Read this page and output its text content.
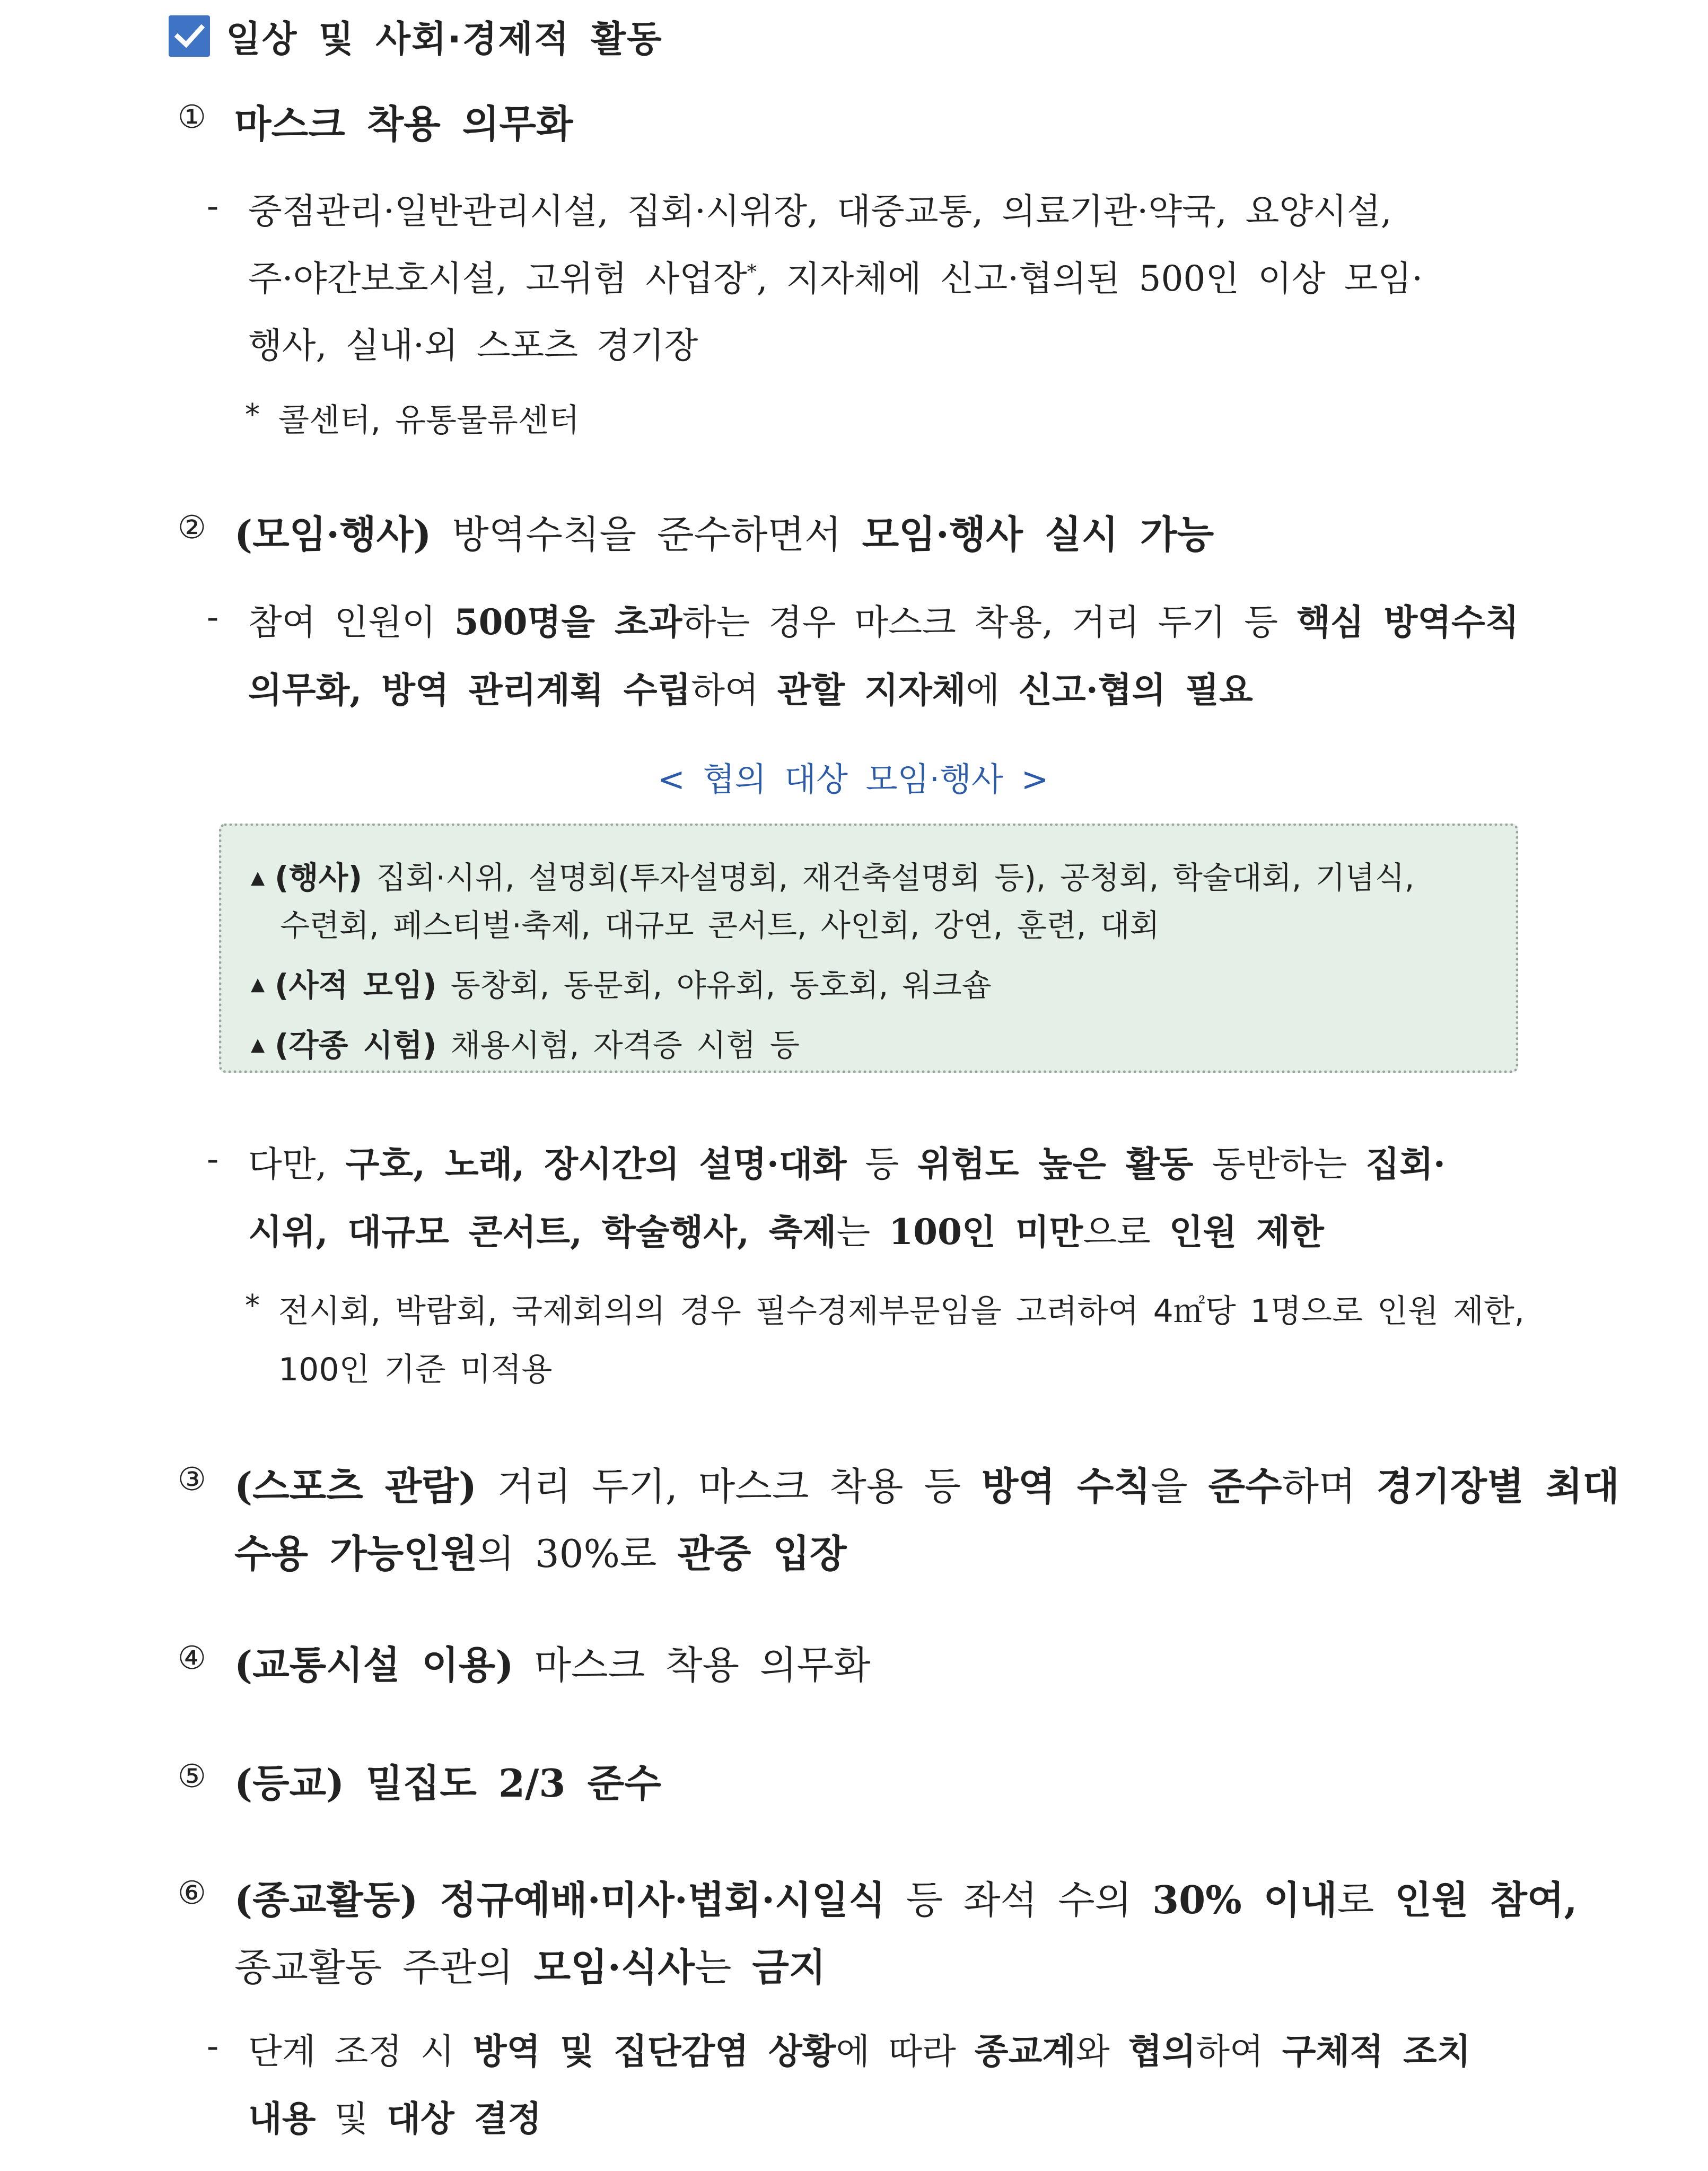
일상 및 사회·경제적 활동
① 마스크 착용 의무화
- 중점관리·일반관리시설, 집회·시위장, 대중교통, 의료기관·약국, 요양시설,
주·야간보호시설, 고위험 사업장*, 지자체에 신고·협의된 500인 이상 모임·
행사, 실내·외 스포츠 경기장
* 콜센터, 유통물류센터
② (모임·행사) 방역수칙을 준수하면서 모임·행사 실시 가능
- 참여 인원이 500명을 초과하는 경우 마스크 착용, 거리 두기 등 핵심 방역수칙
의무화, 방역 관리계획 수립하여 관할 지자체에 신고·협의 필요
< 협의 대상 모임·행사 >
▲ (행사) 집회·시위, 설명회(투자설명회, 재건축설명회 등), 공청회, 학술대회, 기념식,
수련회, 페스티벌·축제, 대규모 콘서트, 사인회, 강연, 훈련, 대회
▲ (사적 모임) 동창회, 동문회, 야유회, 동호회, 워크숍
▲ (각종 시험) 채용시험, 자격증 시험 등
- 다만, 구호, 노래, 장시간의 설명·대화 등 위험도 높은 활동 동반하는 집회·
시위, 대규모 콘서트, 학술행사, 축제는 100인 미만으로 인원 제한
* 전시회, 박람회, 국제회의의 경우 필수경제부문임을 고려하여 4㎡당 1명으로 인원 제한,
100인 기준 미적용
③ (스포츠 관람) 거리 두기, 마스크 착용 등 방역 수칙을 준수하며 경기장별 최대
수용 가능인원의 30%로 관중 입장
④ (교통시설 이용) 마스크 착용 의무화
⑤ (등교) 밀집도 2/3 준수
⑥ (종교활동) 정규예배·미사·법회·시일식 등 좌석 수의 30% 이내로 인원 참여,
종교활동 주관의 모임·식사는 금지
- 단계 조정 시 방역 및 집단감염 상황에 따라 종교계와 협의하여 구체적 조치
내용 및 대상 결정
